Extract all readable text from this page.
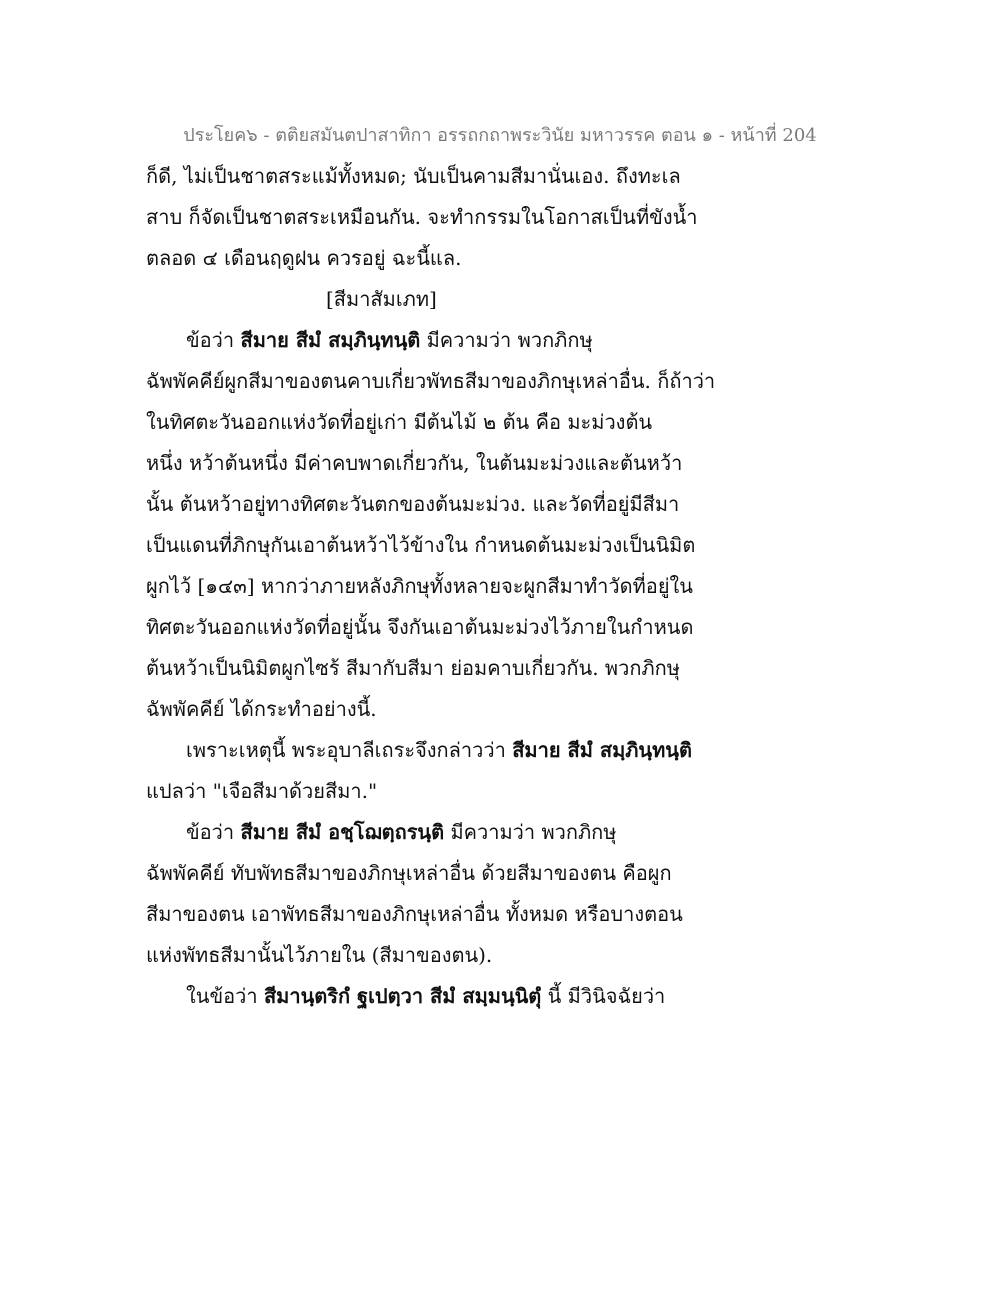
ประโยค๖ - ตติยสมันตปาสาทิกา อรรถกถาพระวินัย มหาวรรค ตอน ๑ - หน้าที่ 204
ก็ดี, ไม่เป็นชาตสระแม้ทั้งหมด; นับเป็นคามสีมานั่นเอง. ถึงทะเล
สาบ ก็จัดเป็นชาตสระเหมือนกัน. จะทำกรรมในโอกาสเป็นที่ขังน้ำ
ตลอด ๔ เดือนฤดูฝน ควรอยู่ ฉะนี้แล.
[สีมาสัมเภท]
ข้อว่า สีมาย สีมํ สมฺภินฺทนฺติ มีความว่า พวกภิกษุ
ฉัพพัคคีย์ผูกสีมาของตนคาบเกี่ยวพัทธสีมาของภิกษุเหล่าอื่น. ก็ถ้าว่า
ในทิศตะวันออกแห่งวัดที่อยู่เก่า มีต้นไม้ ๒ ต้น คือ มะม่วงต้น
หนึ่ง หว้าต้นหนึ่ง มีค่าคบพาดเกี่ยวกัน, ในต้นมะม่วงและต้นหว้า
นั้น ต้นหว้าอยู่ทางทิศตะวันตกของต้นมะม่วง. และวัดที่อยู่มีสีมา
เป็นแดนที่ภิกษุกันเอาต้นหว้าไว้ข้างใน กำหนดต้นมะม่วงเป็นนิมิต
ผูกไว้ [๑๔๓] หากว่าภายหลังภิกษุทั้งหลายจะผูกสีมาทำวัดที่อยู่ใน
ทิศตะวันออกแห่งวัดที่อยู่นั้น จึงกันเอาต้นมะม่วงไว้ภายในกำหนด
ต้นหว้าเป็นนิมิตผูกไซร้ สีมากับสีมา ย่อมคาบเกี่ยวกัน. พวกภิกษุ
ฉัพพัคคีย์ ได้กระทำอย่างนี้.
เพราะเหตุนี้ พระอุบาลีเถระจึงกล่าวว่า สีมาย สีมํ สมฺภินฺทนฺติ
แปลว่า "เจือสีมาด้วยสีมา."
ข้อว่า สีมาย สีมํ อชฺโฌตฺถรนฺติ มีความว่า พวกภิกษุ
ฉัพพัคคีย์ ทับพัทธสีมาของภิกษุเหล่าอื่น ด้วยสีมาของตน คือผูก
สีมาของตน เอาพัทธสีมาของภิกษุเหล่าอื่น ทั้งหมด หรือบางตอน
แห่งพัทธสีมานั้นไว้ภายใน (สีมาของตน).
ในข้อว่า สีมานฺตริกํ ฐเปตฺวา สีมํ สมฺมนฺนิตุํ นี้ มีวินิจฉัยว่า
